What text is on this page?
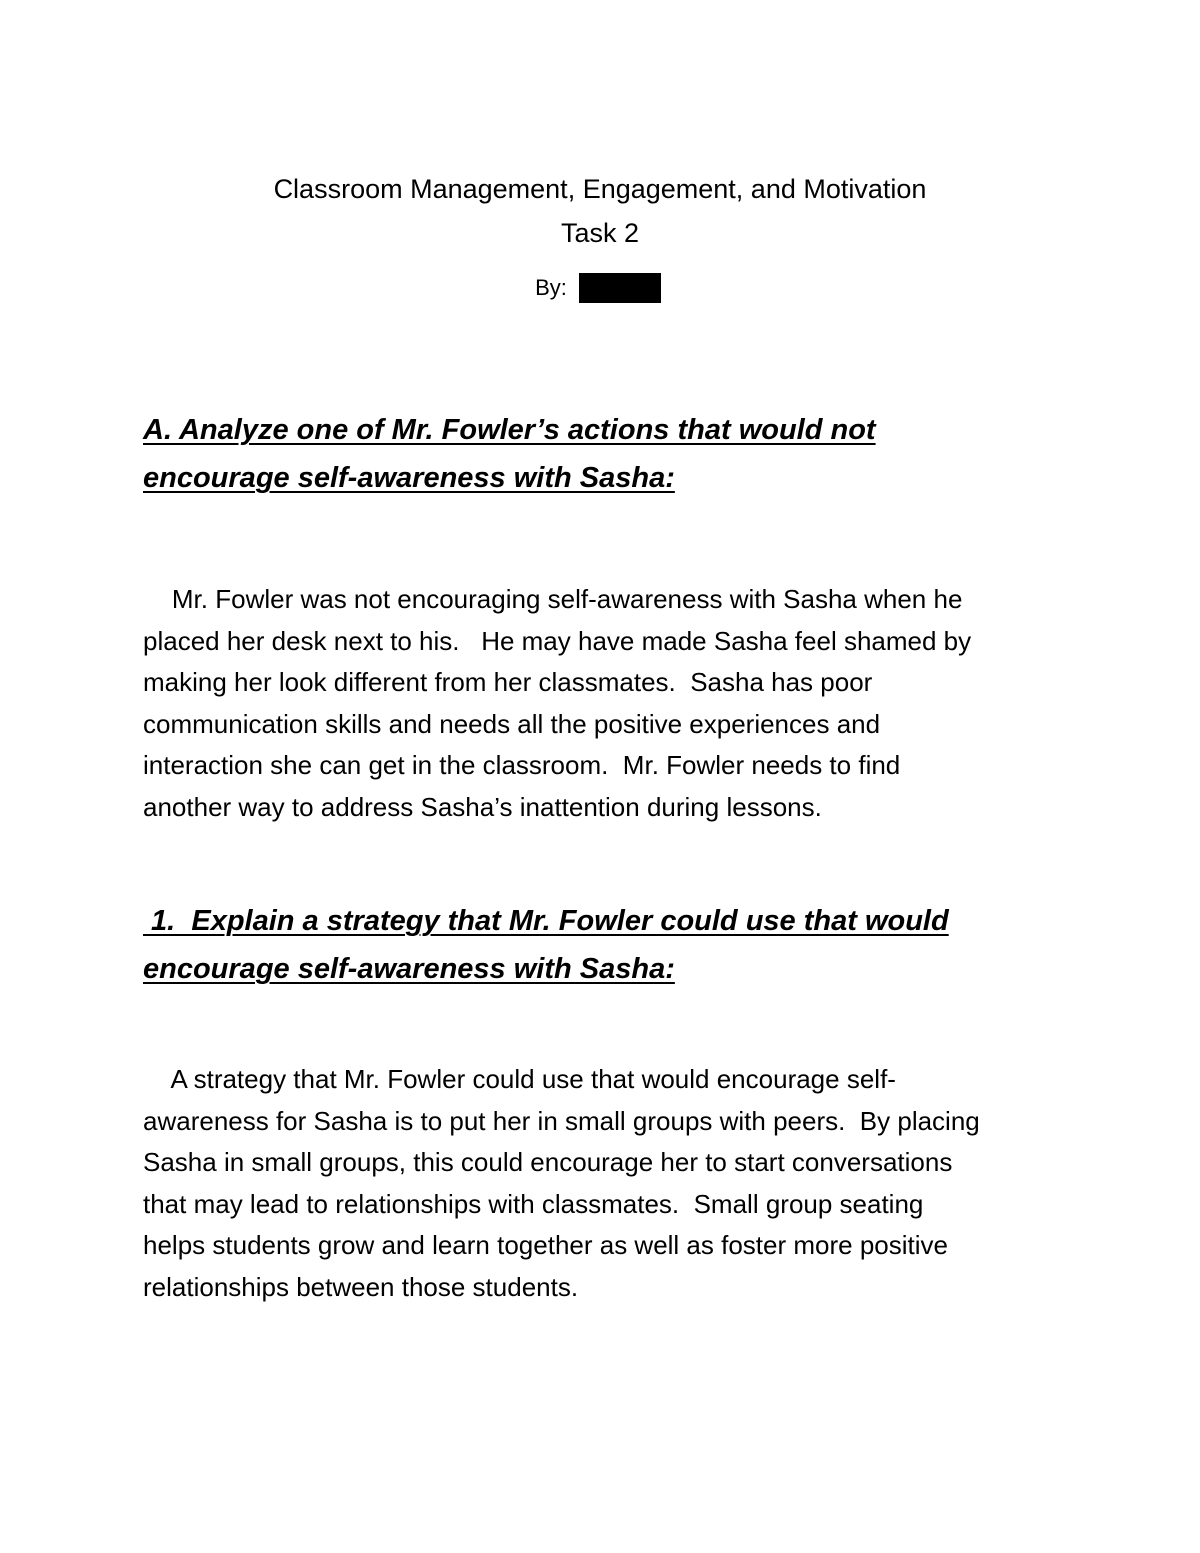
Classroom Management, Engagement, and Motivation
Task 2
By:
A. Analyze one of Mr. Fowler’s actions that would not
encourage self-awareness with Sasha:
Mr. Fowler was not encouraging self-awareness with Sasha when he
placed her desk next to his.   He may have made Sasha feel shamed by
making her look different from her classmates.  Sasha has poor
communication skills and needs all the positive experiences and
interaction she can get in the classroom.  Mr. Fowler needs to find
another way to address Sasha’s inattention during lessons.
1.  Explain a strategy that Mr. Fowler could use that would
encourage self-awareness with Sasha:
A strategy that Mr. Fowler could use that would encourage self-
awareness for Sasha is to put her in small groups with peers.  By placing
Sasha in small groups, this could encourage her to start conversations
that may lead to relationships with classmates.  Small group seating
helps students grow and learn together as well as foster more positive
relationships between those students.
